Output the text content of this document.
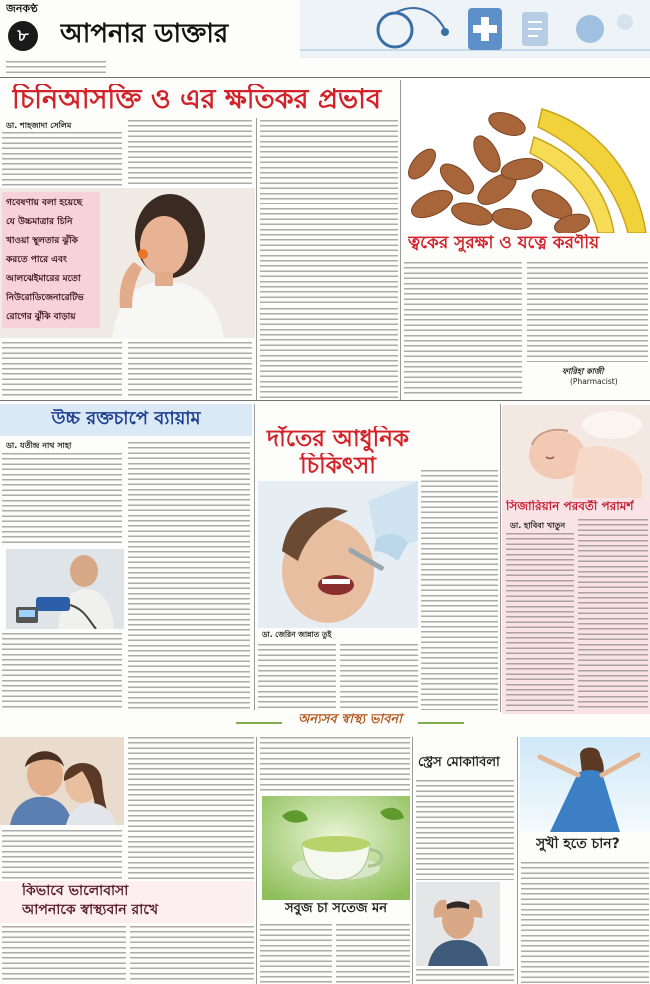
জনকণ্ঠ
৮	আপনার ডাক্তার
চিনিআসক্তি ও এর ক্ষতিকর প্রভাব
ডা. শাহজাদা সেলিম
গবেষণায় বলা হয়েছে
যে উচ্চমাত্রার চিনি
খাওয়া স্থূলতার ঝুঁকি
করতে পারে এবং
আলঝেইমারের মতো
নিউরোডিজেনারেটিভ
রোগের ঝুঁকি বাড়ায়
ত্বকের সুরক্ষা ও যত্নে করণীয়
ফারিহা কাজী
(Pharmacist)
উচ্চ রক্তচাপে ব্যায়াম
ডা. যতীন্দ্র নাথ সাহা	দাঁতের আধুনিক
চিকিৎসা
ডা. জেরিন জান্নাত তুই
সিজারিয়ান পরবর্তী পরামর্শ
ডা. হাবিবা খাতুন
অন্যসব স্বাস্থ্য ভাবনা
কিভাবে ভালোবাসা
আপনাকে স্বাস্থ্যবান রাখে	সবুজ চা সতেজ মন
স্ট্রেস মোকাবিলা
সুখী হতে চান?
